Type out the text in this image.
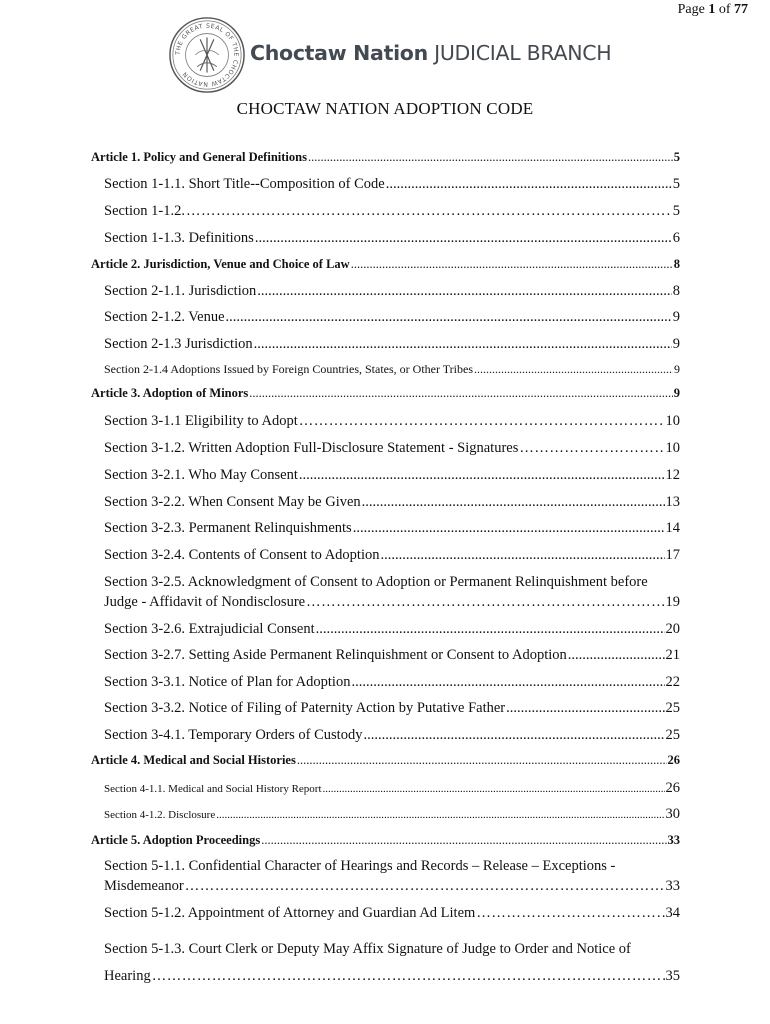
Page 1 of 77
THE GREAT SEAL OF THE CHOCTAW NATION
Choctaw Nation JUDICIAL BRANCH
CHOCTAW NATION ADOPTION CODE
Article 1. Policy and General Definitions .....	5
Section 1-1.1. Short Title--Composition of Code .....	5
Section 1-1.2. …………………………………………………………………………………………………………………………………………………………………………………………………	5
Section 1-1.3. Definitions .....	6
Article 2. Jurisdiction, Venue and Choice of Law .....	8
Section 2-1.1. Jurisdiction .....	8
Section 2-1.2. Venue .....	9
Section 2-1.3 Jurisdiction .....	9
Section 2-1.4 Adoptions Issued by Foreign Countries, States, or Other Tribes .....	9
Article 3. Adoption of Minors .....	9
Section 3-1.1 Eligibility to Adopt …………………………………………………………………………………………………………………………………………………………………………………………………	10
Section 3-1.2. Written Adoption Full-Disclosure Statement - Signatures …………………………………………………………………………………………………………………………………………………………………………………………………	10
Section 3-2.1. Who May Consent .....	12
Section 3-2.2. When Consent May be Given .....	13
Section 3-2.3. Permanent Relinquishments .....	14
Section 3-2.4. Contents of Consent to Adoption .....	17
Section 3-2.5. Acknowledgment of Consent to Adoption or Permanent Relinquishment before
Judge - Affidavit of Nondisclosure …………………………………………………………………………………………………………………………………………………………………………………………………	19
Section 3-2.6. Extrajudicial Consent .....	20
Section 3-2.7. Setting Aside Permanent Relinquishment or Consent to Adoption .....	21
Section 3-3.1. Notice of Plan for Adoption .....	22
Section 3-3.2. Notice of Filing of Paternity Action by Putative Father .....	25
Section 3-4.1. Temporary Orders of Custody .....	25
Article 4. Medical and Social Histories .....	26
Section 4-1.1. Medical and Social History Report .....	26
Section 4-1.2. Disclosure .....	30
Article 5. Adoption Proceedings .....	33
Section 5-1.1. Confidential Character of Hearings and Records – Release – Exceptions -
Misdemeanor …………………………………………………………………………………………………………………………………………………………………………………………………	33
Section 5-1.2. Appointment of Attorney and Guardian Ad Litem …………………………………………………………………………………………………………………………………………………………………………………………………	34
Section 5-1.3. Court Clerk or Deputy May Affix Signature of Judge to Order and Notice of
Hearing …………………………………………………………………………………………………………………………………………………………………………………………………	35
